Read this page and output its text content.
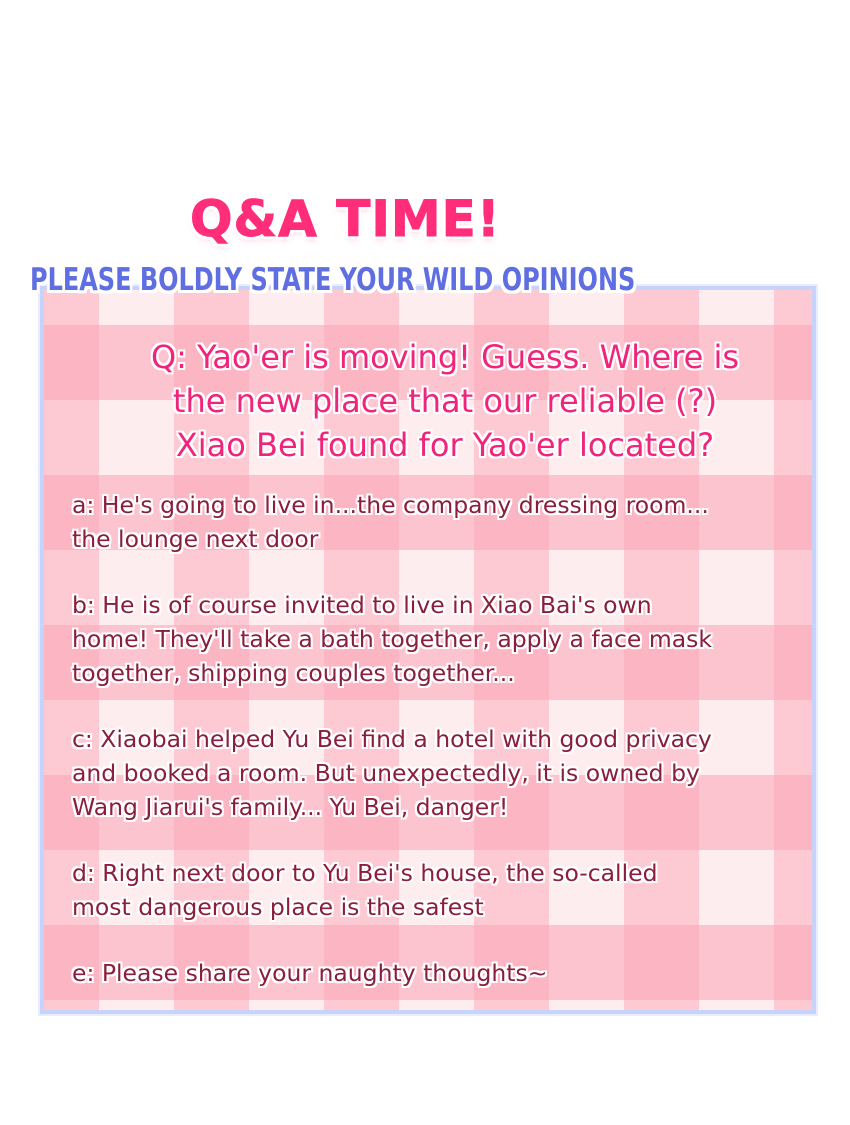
Q&A TIME!
PLEASE BOLDLY STATE YOUR WILD OPINIONS
Q: Yao'er is moving! Guess. Where is
the new place that our reliable (?)
Xiao Bei found for Yao'er located?
a: He's going to live in...the company dressing room...
the lounge next door
b: He is of course invited to live in Xiao Bai's own
home! They'll take a bath together, apply a face mask
together, shipping couples together...
c: Xiaobai helped Yu Bei find a hotel with good privacy
and booked a room. But unexpectedly, it is owned by
Wang Jiarui's family... Yu Bei, danger!
d: Right next door to Yu Bei's house, the so-called
most dangerous place is the safest
e: Please share your naughty thoughts~
